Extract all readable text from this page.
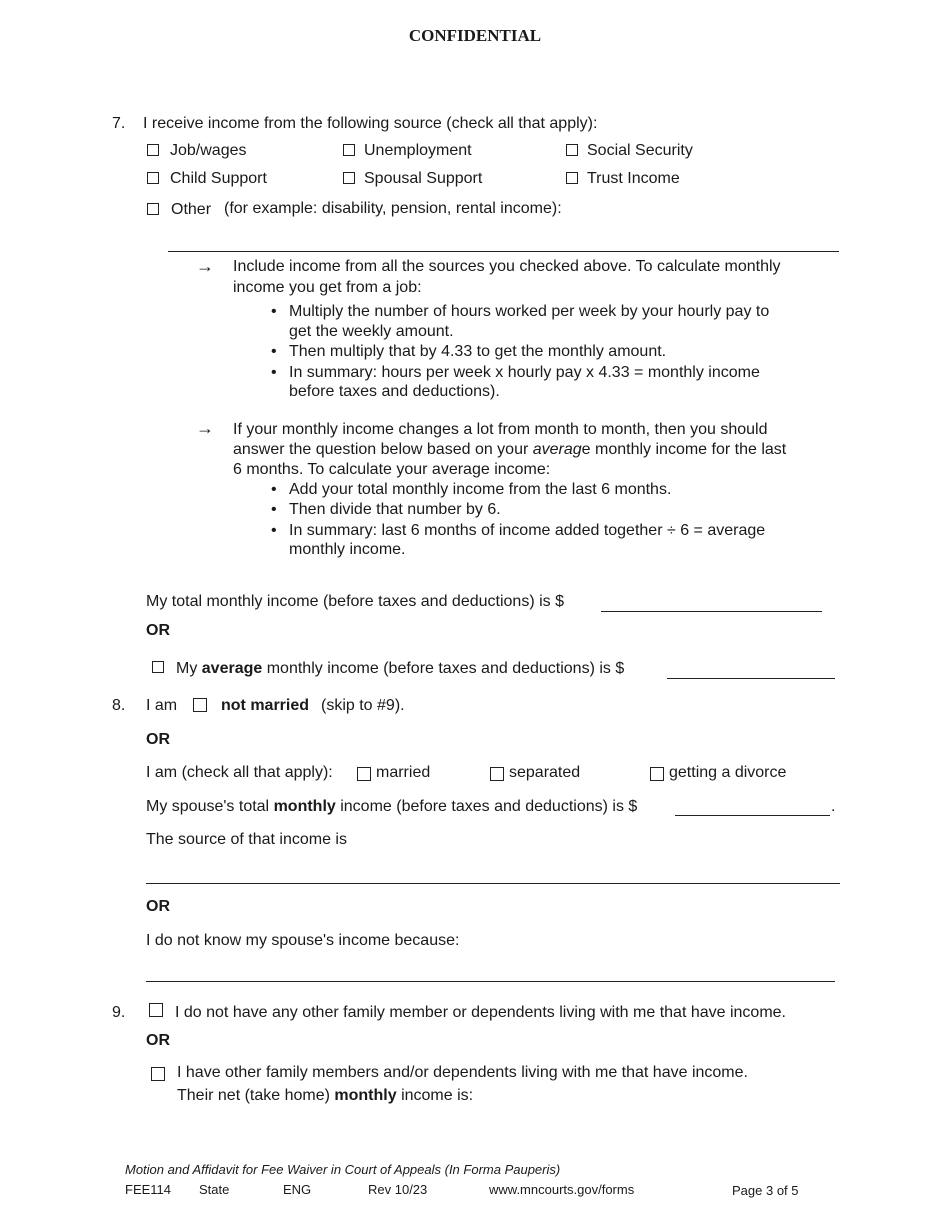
CONFIDENTIAL
7. I receive income from the following source (check all that apply):
Job/wages	Unemployment	Social Security
Child Support	Spousal Support	Trust Income
Other (for example: disability, pension, rental income):
→ Include income from all the sources you checked above. To calculate monthly
income you get from a job:
• Multiply the number of hours worked per week by your hourly pay to
get the weekly amount.
• Then multiply that by 4.33 to get the monthly amount.
• In summary: hours per week x hourly pay x 4.33 = monthly income
before taxes and deductions).
→ If your monthly income changes a lot from month to month, then you should
answer the question below based on your average monthly income for the last
6 months. To calculate your average income:
• Add your total monthly income from the last 6 months.
• Then divide that number by 6.
• In summary: last 6 months of income added together ÷ 6 = average
monthly income.
My total monthly income (before taxes and deductions) is $
OR
My average monthly income (before taxes and deductions) is $
8. I am	not married (skip to #9).
OR
I am (check all that apply):	married	separated	getting a divorce
My spouse's total monthly income (before taxes and deductions) is $	.
The source of that income is
OR
I do not know my spouse's income because:
9.	I do not have any other family member or dependents living with me that have income.
OR
I have other family members and/or dependents living with me that have income.
Their net (take home) monthly income is:
Motion and Affidavit for Fee Waiver in Court of Appeals (In Forma Pauperis)
FEE114 State	ENG	Rev 10/23	www.mncourts.gov/forms	Page 3 of 5
